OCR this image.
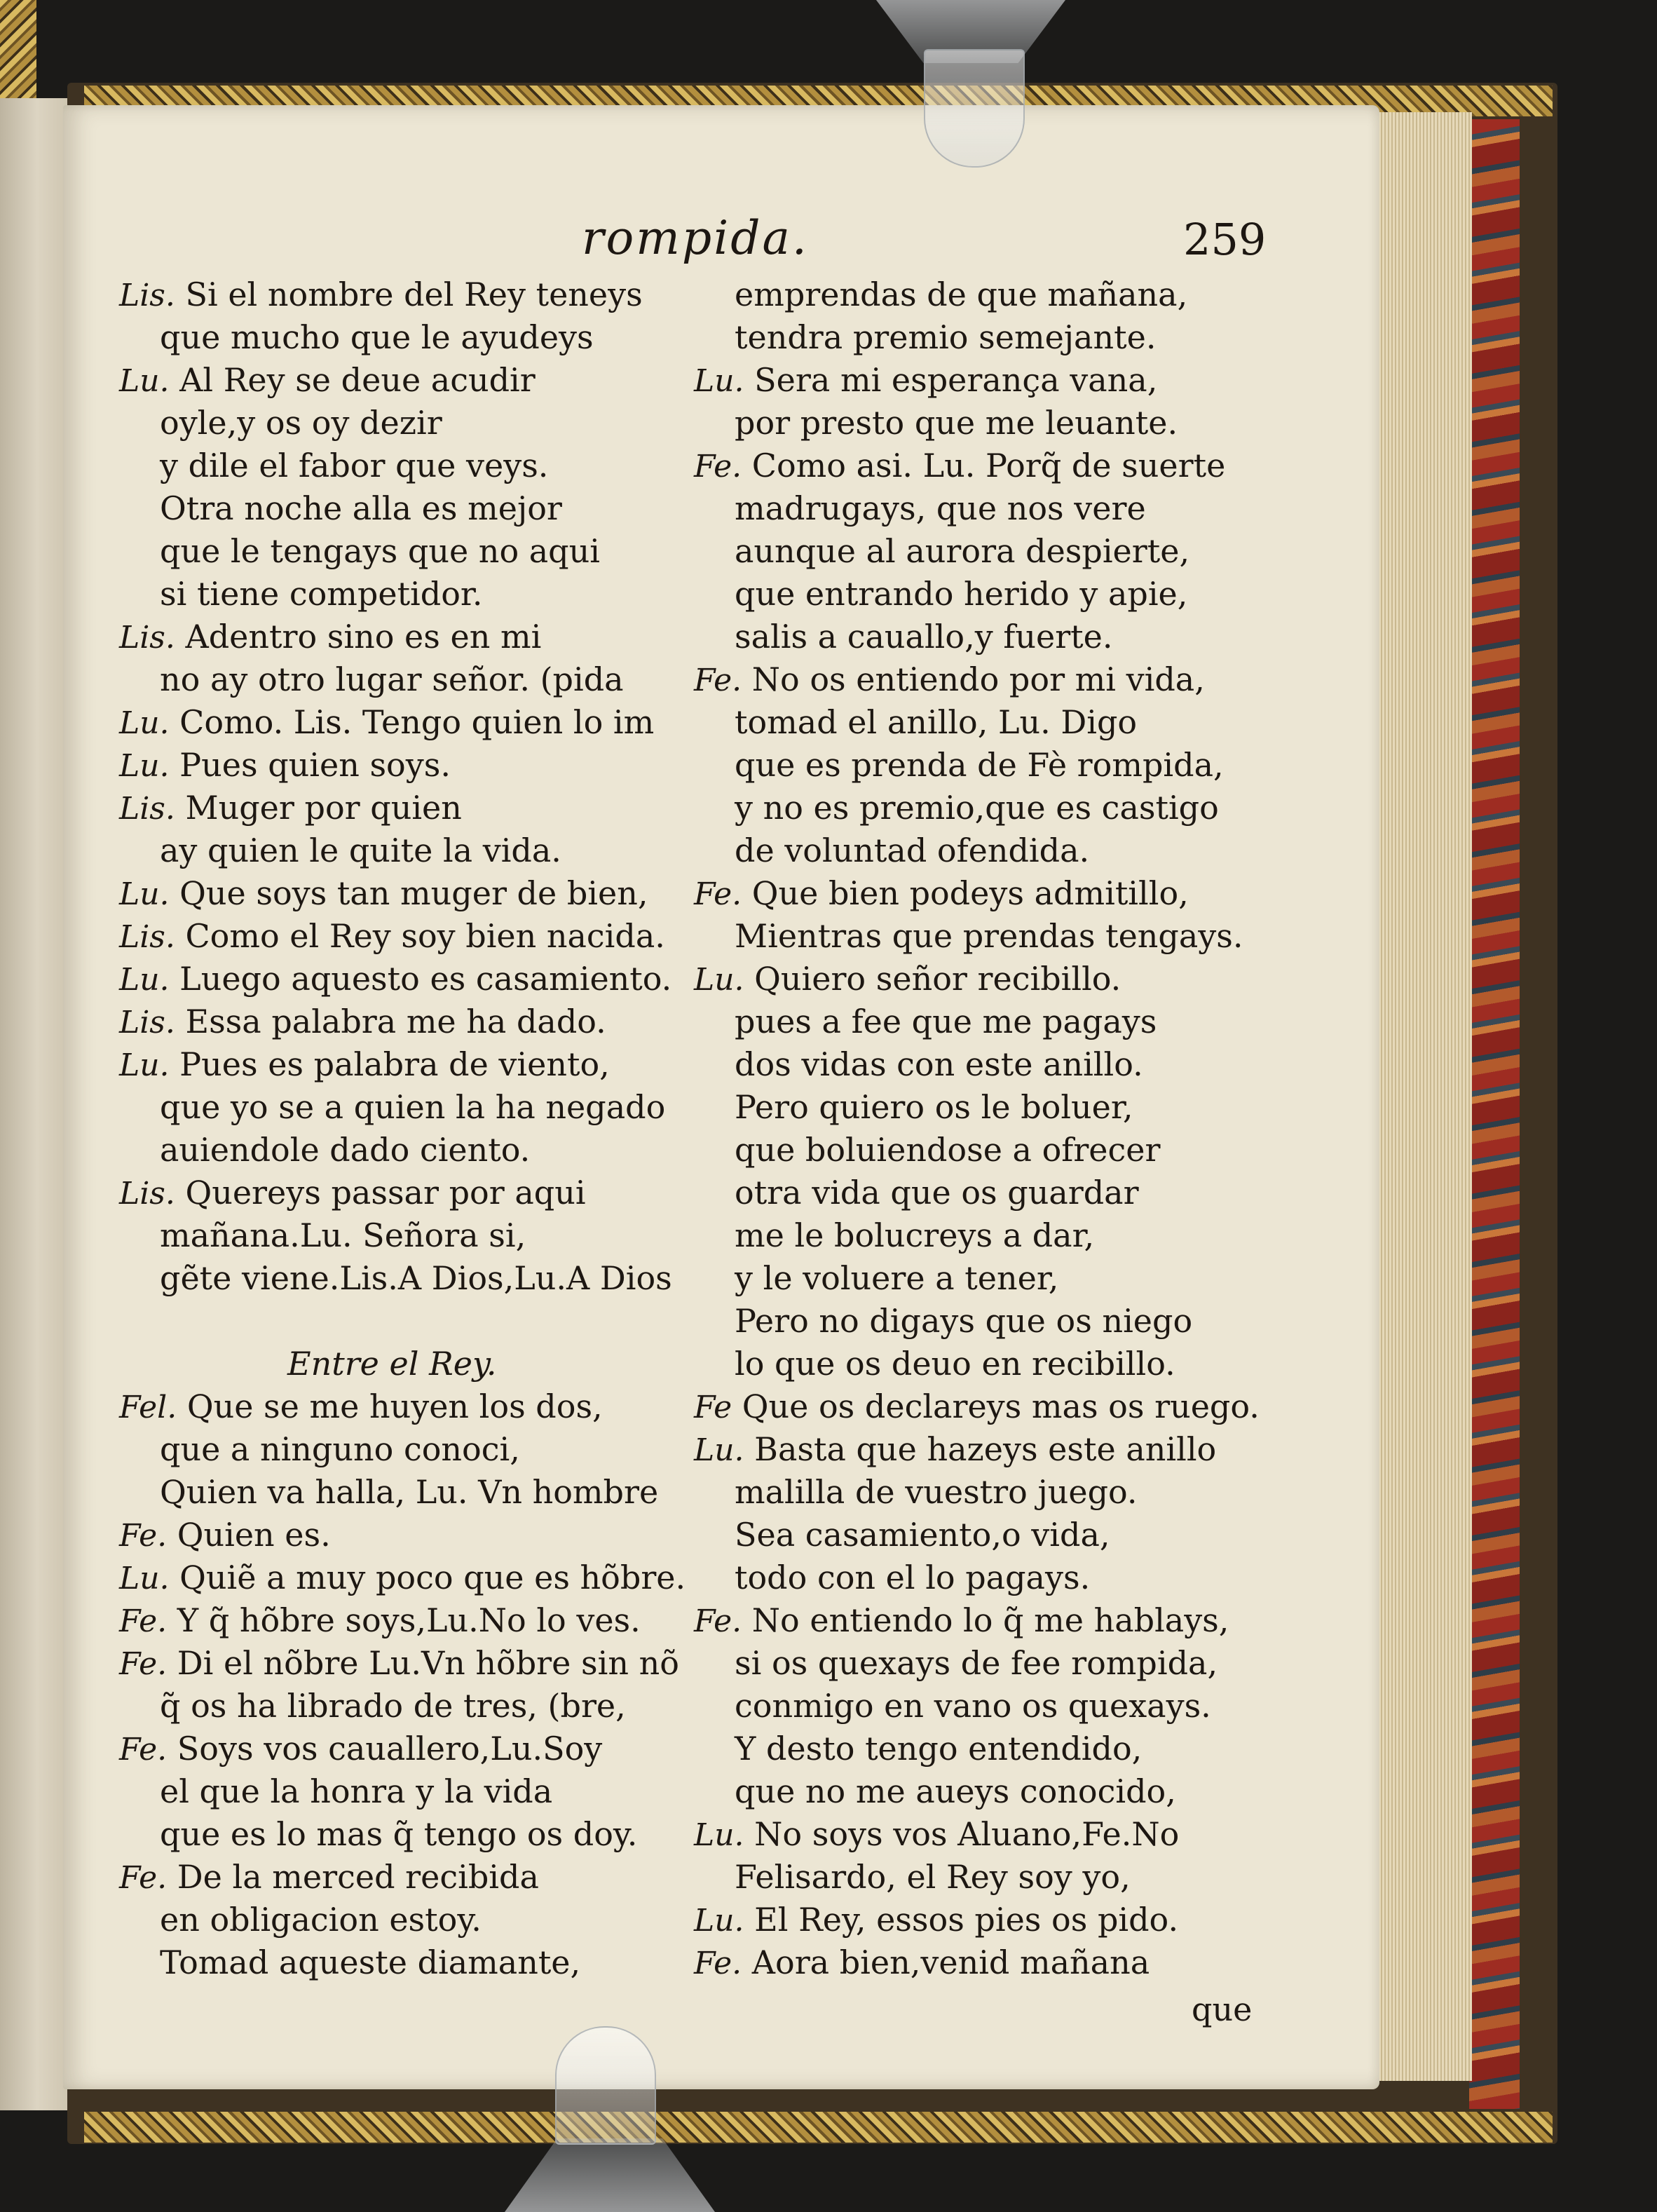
rompida.	259
Lis. Si el nombre del Rey teneys
que mucho que le ayudeys
Lu. Al Rey se deue acudir
oyle,y os oy dezir
y dile el fabor que veys.
Otra noche alla es mejor
que le tengays que no aqui
si tiene competidor.
Lis. Adentro sino es en mi
no ay otro lugar señor. (pida
Lu. Como. Lis. Tengo quien lo im
Lu. Pues quien soys.
Lis. Muger por quien
ay quien le quite la vida.
Lu. Que soys tan muger de bien,
Lis. Como el Rey soy bien nacida.
Lu. Luego aquesto es casamiento.
Lis. Essa palabra me ha dado.
Lu. Pues es palabra de viento,
que yo se a quien la ha negado
auiendole dado ciento.
Lis. Quereys passar por aqui
mañana.Lu. Señora si,
gẽte viene.Lis.A Dios,Lu.A Dios
Entre el Rey.
Fel. Que se me huyen los dos,
que a ninguno conoci,
Quien va halla, Lu. Vn hombre
Fe. Quien es.
Lu. Quiẽ a muy poco que es hõbre.
Fe. Y q̃ hõbre soys,Lu.No lo ves.
Fe. Di el nõbre Lu.Vn hõbre sin nõ
q̃ os ha librado de tres, (bre,
Fe. Soys vos cauallero,Lu.Soy
el que la honra y la vida
que es lo mas q̃ tengo os doy.
Fe. De la merced recibida
en obligacion estoy.
Tomad aqueste diamante,
emprendas de que mañana,
tendra premio semejante.
Lu. Sera mi esperança vana,
por presto que me leuante.
Fe. Como asi. Lu. Porq̃ de suerte
madrugays, que nos vere
aunque al aurora despierte,
que entrando herido y apie,
salis a cauallo,y fuerte.
Fe. No os entiendo por mi vida,
tomad el anillo, Lu. Digo
que es prenda de Fè rompida,
y no es premio,que es castigo
de voluntad ofendida.
Fe. Que bien podeys admitillo,
Mientras que prendas tengays.
Lu. Quiero señor recibillo.
pues a fee que me pagays
dos vidas con este anillo.
Pero quiero os le boluer,
que boluiendose a ofrecer
otra vida que os guardar
me le bolucreys a dar,
y le voluere a tener,
Pero no digays que os niego
lo que os deuo en recibillo.
Fe Que os declareys mas os ruego.
Lu. Basta que hazeys este anillo
malilla de vuestro juego.
Sea casamiento,o vida,
todo con el lo pagays.
Fe. No entiendo lo q̃ me hablays,
si os quexays de fee rompida,
conmigo en vano os quexays.
Y desto tengo entendido,
que no me aueys conocido,
Lu. No soys vos Aluano,Fe.No
Felisardo, el Rey soy yo,
Lu. El Rey, essos pies os pido.
Fe. Aora bien,venid mañana
que
